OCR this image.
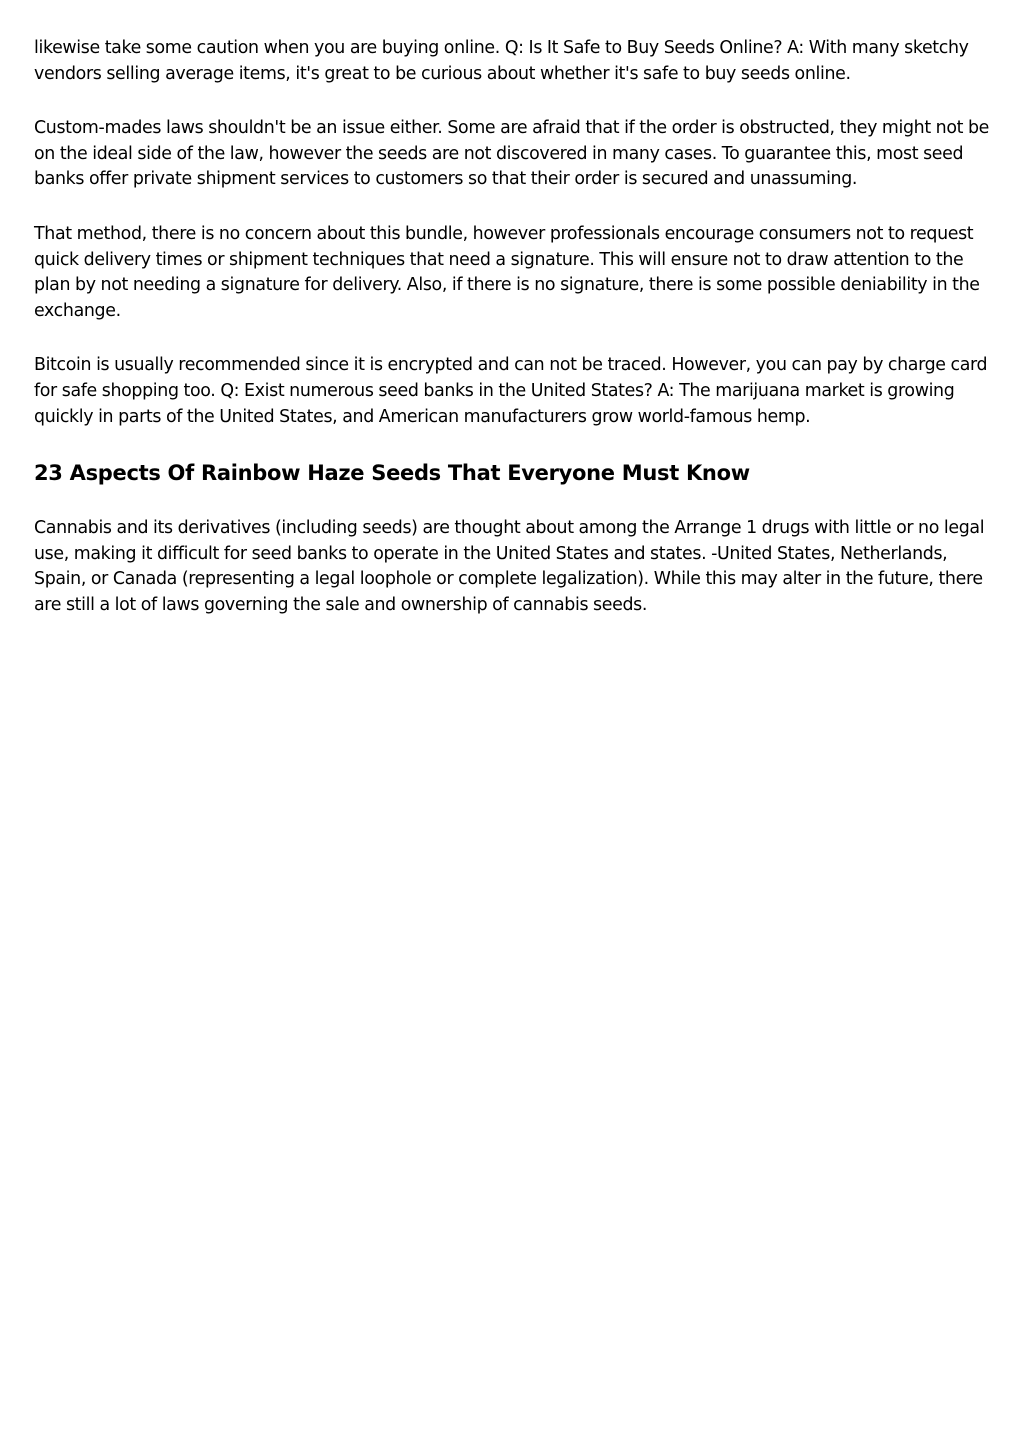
likewise take some caution when you are buying online. Q: Is It Safe to Buy Seeds Online? A: With many sketchy vendors selling average items, it's great to be curious about whether it's safe to buy seeds online.

Custom-mades laws shouldn't be an issue either. Some are afraid that if the order is obstructed, they might not be on the ideal side of the law, however the seeds are not discovered in many cases. To guarantee this, most seed banks offer private shipment services to customers so that their order is secured and unassuming.

That method, there is no concern about this bundle, however professionals encourage consumers not to request quick delivery times or shipment techniques that need a signature. This will ensure not to draw attention to the plan by not needing a signature for delivery. Also, if there is no signature, there is some possible deniability in the exchange.

Bitcoin is usually recommended since it is encrypted and can not be traced. However, you can pay by charge card for safe shopping too. Q: Exist numerous seed banks in the United States? A: The marijuana market is growing quickly in parts of the United States, and American manufacturers grow world-famous hemp.

23 Aspects Of Rainbow Haze Seeds That Everyone Must Know

Cannabis and its derivatives (including seeds) are thought about among the Arrange 1 drugs with little or no legal use, making it difficult for seed banks to operate in the United States and states. -United States, Netherlands, Spain, or Canada (representing a legal loophole or complete legalization). While this may alter in the future, there are still a lot of laws governing the sale and ownership of cannabis seeds.
